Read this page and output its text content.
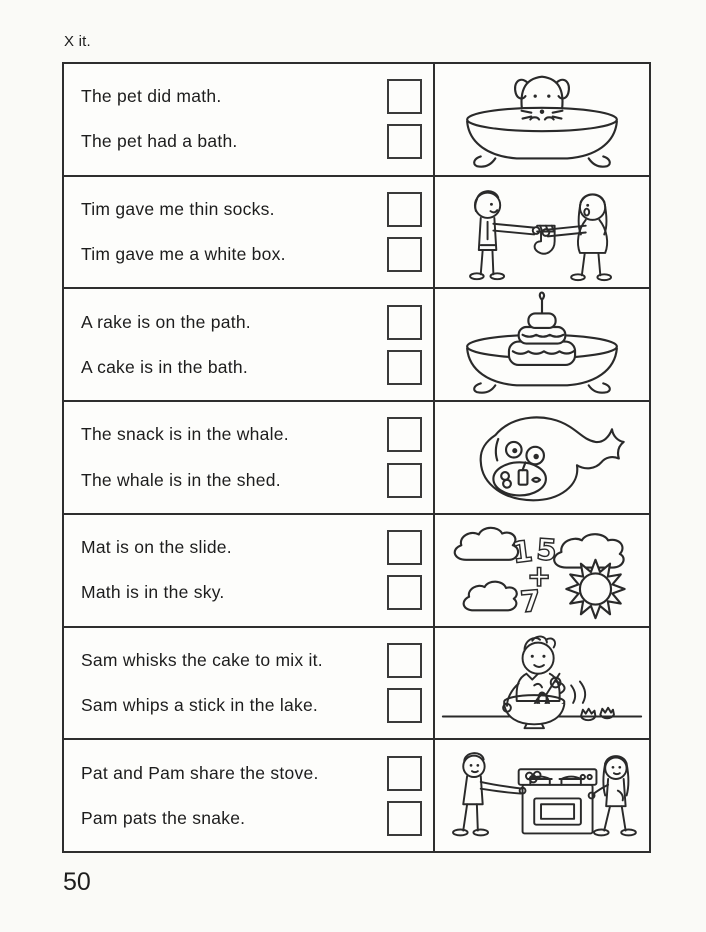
X it.
The pet did math.
The pet had a bath.
Tim gave me thin socks.
Tim gave me a white box.
A rake is on the path.
A cake is in the bath.
The snack is in the whale.
The whale is in the shed.
Mat is on the slide.
Math is in the sky.
1 5
+
7
Sam whisks the cake to mix it.
Sam whips a stick in the lake.
Pat and Pam share the stove.
Pam pats the snake.
50
